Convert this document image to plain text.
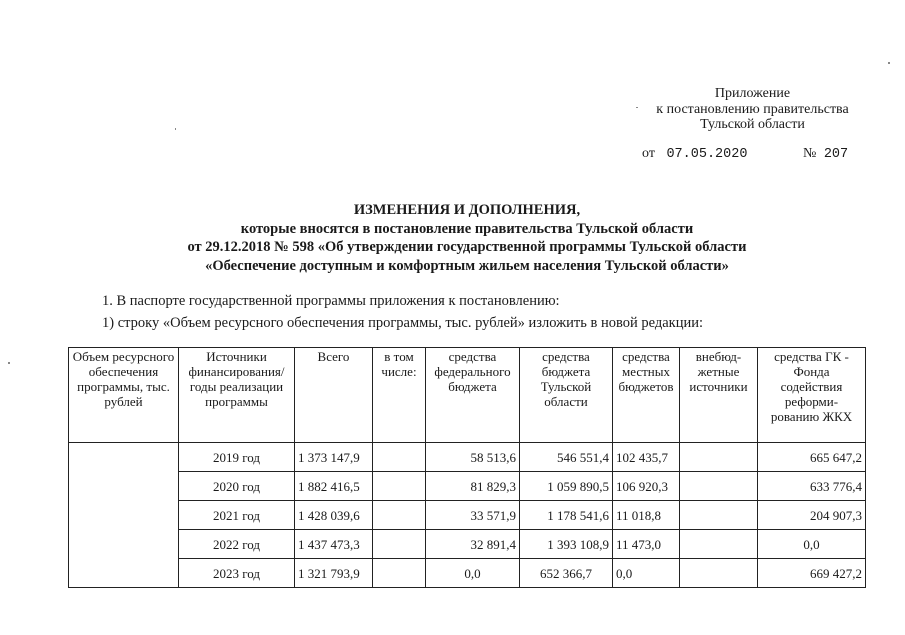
Приложение
к постановлению правительства
Тульской области
от 07.05.2020	№ 207
ИЗМЕНЕНИЯ И ДОПОЛНЕНИЯ,
которые вносятся в постановление правительства Тульской области
от 29.12.2018 № 598 «Об утверждении государственной программы Тульской области
«Обеспечение доступным и комфортным жильем населения Тульской области»
1. В паспорте государственной программы приложения к постановлению:
1) строку «Объем ресурсного обеспечения программы, тыс. рублей» изложить в новой редакции:
Объем ресурсного обеспечения программы, тыс. рублей	Источники финансирования/ годы реализации программы	Всего	в том числе:	средства федерального бюджета	средства бюджета Тульской области	средства местных бюджетов	внебюд-жетные источники	средства ГК - Фонда содействия реформи-рованию ЖКХ
	2019 год	1 373 147,9		58 513,6	546 551,4	102 435,7		665 647,2
	2020 год	1 882 416,5		81 829,3	1 059 890,5	106 920,3		633 776,4
	2021 год	1 428 039,6		33 571,9	1 178 541,6	11 018,8		204 907,3
	2022 год	1 437 473,3		32 891,4	1 393 108,9	11 473,0		0,0
	2023 год	1 321 793,9		0,0	652 366,7	0,0		669 427,2
